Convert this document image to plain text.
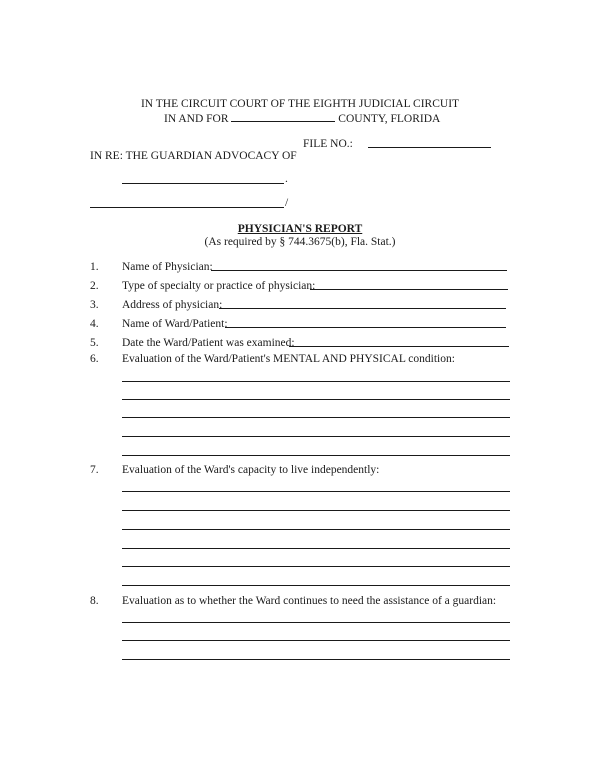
IN THE CIRCUIT COURT OF THE EIGHTH JUDICIAL CIRCUIT
IN AND FOR	COUNTY, FLORIDA
FILE NO.:
IN RE: THE GUARDIAN ADVOCACY OF
.
/
PHYSICIAN'S REPORT
(As required by § 744.3675(b), Fla. Stat.)
1. Name of Physician:
2. Type of specialty or practice of physician:
3. Address of physician:
4. Name of Ward/Patient:
5. Date the Ward/Patient was examined:
6. Evaluation of the Ward/Patient's MENTAL AND PHYSICAL condition:
7. Evaluation of the Ward's capacity to live independently:
8. Evaluation as to whether the Ward continues to need the assistance of a guardian:
